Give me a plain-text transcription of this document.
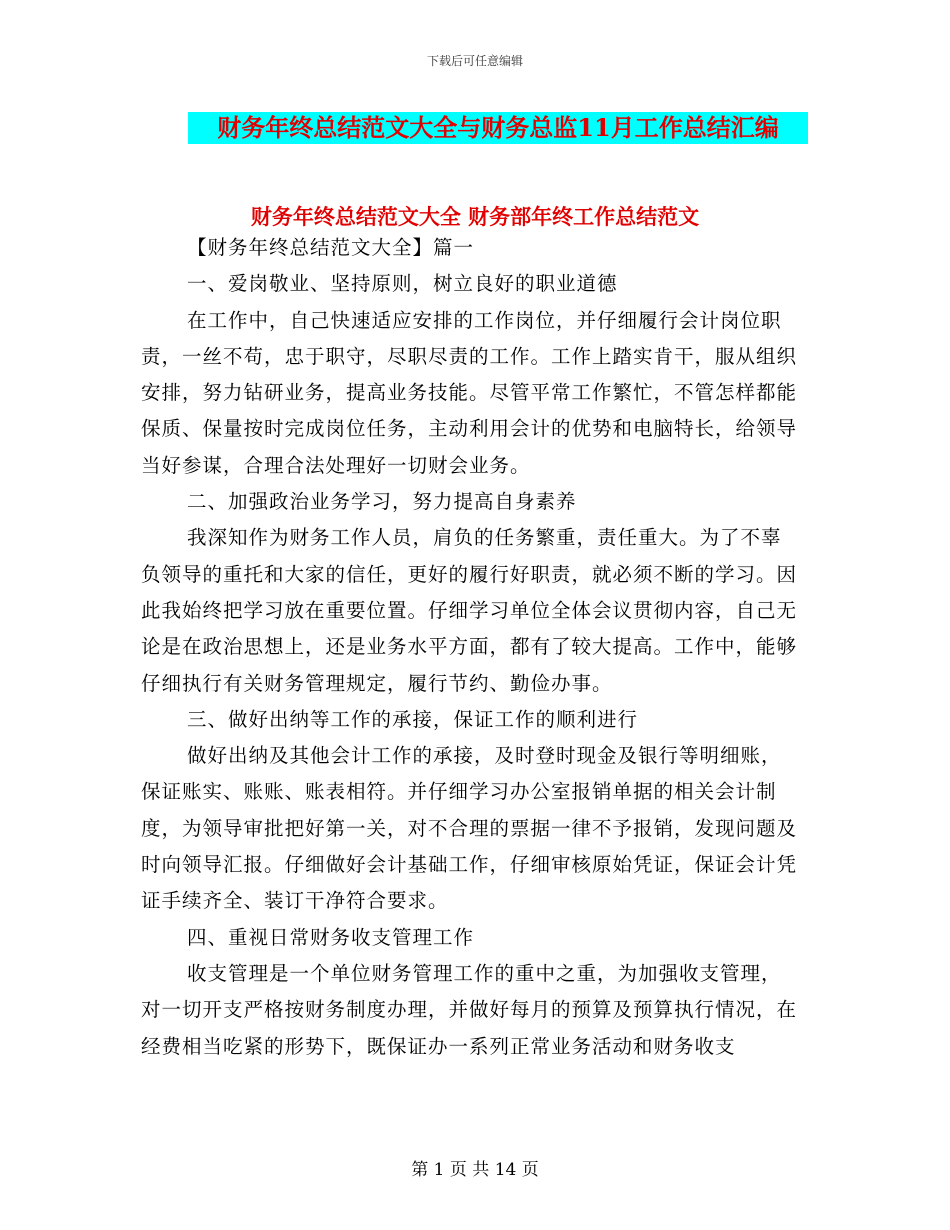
下载后可任意编辑
财务年终总结范文大全与财务总监11月工作总结汇编
财务年终总结范文大全 财务部年终工作总结范文

【财务年终总结范文大全】篇一

一、爱岗敬业、坚持原则，树立良好的职业道德

在工作中，自己快速适应安排的工作岗位，并仔细履行会计岗位职责，一丝不苟，忠于职守，尽职尽责的工作。工作上踏实肯干，服从组织安排，努力钻研业务，提高业务技能。尽管平常工作繁忙，不管怎样都能保质、保量按时完成岗位任务，主动利用会计的优势和电脑特长，给领导当好参谋，合理合法处理好一切财会业务。

二、加强政治业务学习，努力提高自身素养

我深知作为财务工作人员，肩负的任务繁重，责任重大。为了不辜负领导的重托和大家的信任，更好的履行好职责，就必须不断的学习。因此我始终把学习放在重要位置。仔细学习单位全体会议贯彻内容，自己无论是在政治思想上，还是业务水平方面，都有了较大提高。工作中，能够仔细执行有关财务管理规定，履行节约、勤俭办事。

三、做好出纳等工作的承接，保证工作的顺利进行

做好出纳及其他会计工作的承接，及时登时现金及银行等明细账，保证账实、账账、账表相符。并仔细学习办公室报销单据的相关会计制度，为领导审批把好第一关，对不合理的票据一律不予报销，发现问题及时向领导汇报。仔细做好会计基础工作，仔细审核原始凭证，保证会计凭证手续齐全、装订干净符合要求。

四、重视日常财务收支管理工作

收支管理是一个单位财务管理工作的重中之重，为加强收支管理，对一切开支严格按财务制度办理，并做好每月的预算及预算执行情况，在经费相当吃紧的形势下，既保证办一系列正常业务活动和财务收支

第 1 页 共 14 页
